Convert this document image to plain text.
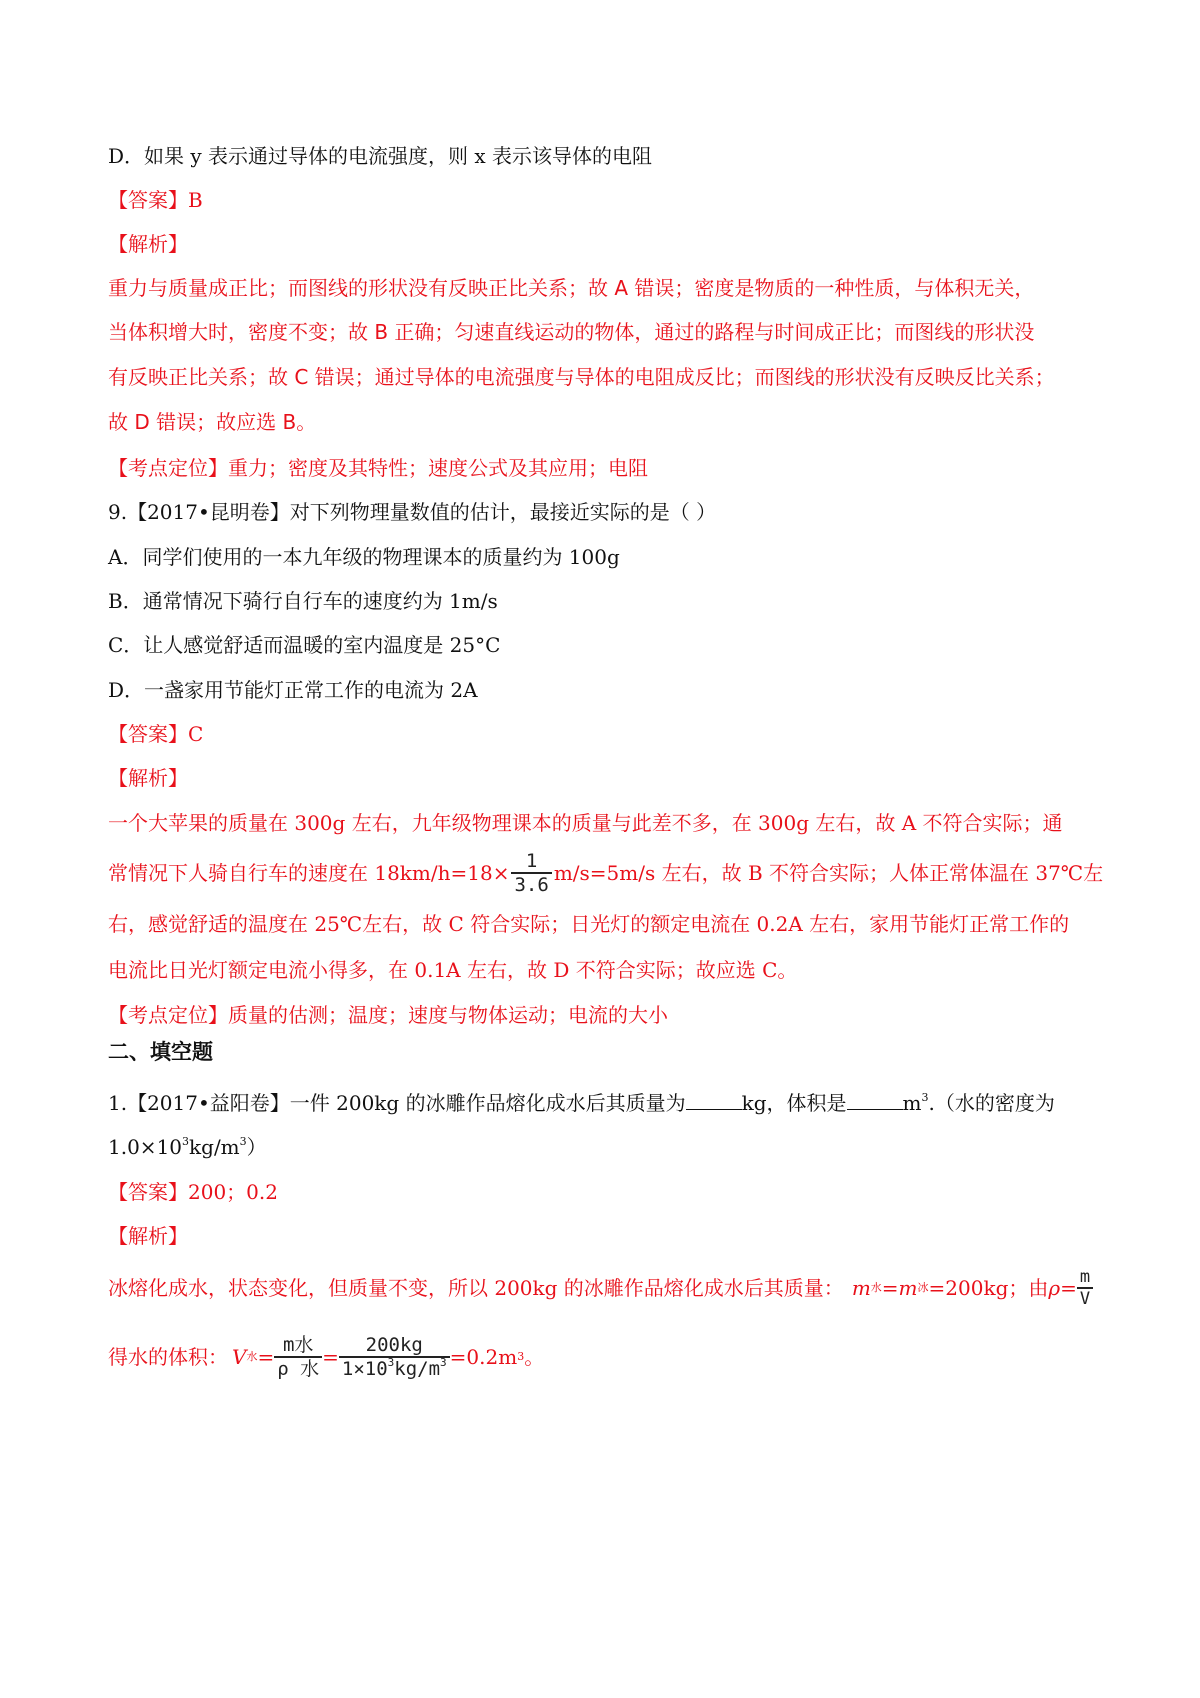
D．如果 y 表示通过导体的电流强度，则 x 表示该导体的电阻
【答案】B
【解析】
重力与质量成正比；而图线的形状没有反映正比关系；故 A 错误；密度是物质的一种性质，与体积无关，
当体积增大时，密度不变；故 B 正确；匀速直线运动的物体，通过的路程与时间成正比；而图线的形状没
有反映正比关系；故 C 错误；通过导体的电流强度与导体的电阻成反比；而图线的形状没有反映反比关系；
故 D 错误；故应选 B。
【考点定位】重力；密度及其特性；速度公式及其应用；电阻
9.【2017•昆明卷】对下列物理量数值的估计，最接近实际的是（ ）
A．同学们使用的一本九年级的物理课本的质量约为 100g
B．通常情况下骑行自行车的速度约为 1m/s
C．让人感觉舒适而温暖的室内温度是 25°C
D．一盏家用节能灯正常工作的电流为 2A
【答案】C
【解析】
一个大苹果的质量在 300g 左右，九年级物理课本的质量与此差不多，在 300g 左右，故 A 不符合实际；通
常情况下人骑自行车的速度在 $18km/h=18\times \frac{1}{3.6} m/s=5m/s$ 左右，故 B 不符合实际；人体正常体温在 37℃左
右，感觉舒适的温度在 25℃左右，故 C 符合实际；日光灯的额定电流在 0.2A 左右，家用节能灯正常工作的
电流比日光灯额定电流小得多，在 0.1A 左右，故 D 不符合实际；故应选 C。
【考点定位】质量的估测；温度；速度与物体运动；电流的大小
二、填空题
1.【2017•益阳卷】一件 200kg 的冰雕作品熔化成水后其质量为	kg，体积是	$m^3$.（水的密度为
$1.0\times 10^3kg/m^3$）
【答案】200；0.2
【解析】
冰熔化成水，状态变化，但质量不变，所以 200kg 的冰雕作品熔化成水后其质量： m 水 =m 冰 =200kg；由 $\rho= \frac{m}{V}$
得水的体积： V 水 = $\frac{\text{m水}}{\text{ρ 水}} = \frac{200kg}{1\times 10^3kg/m^3} =0.2m$ 3 。
